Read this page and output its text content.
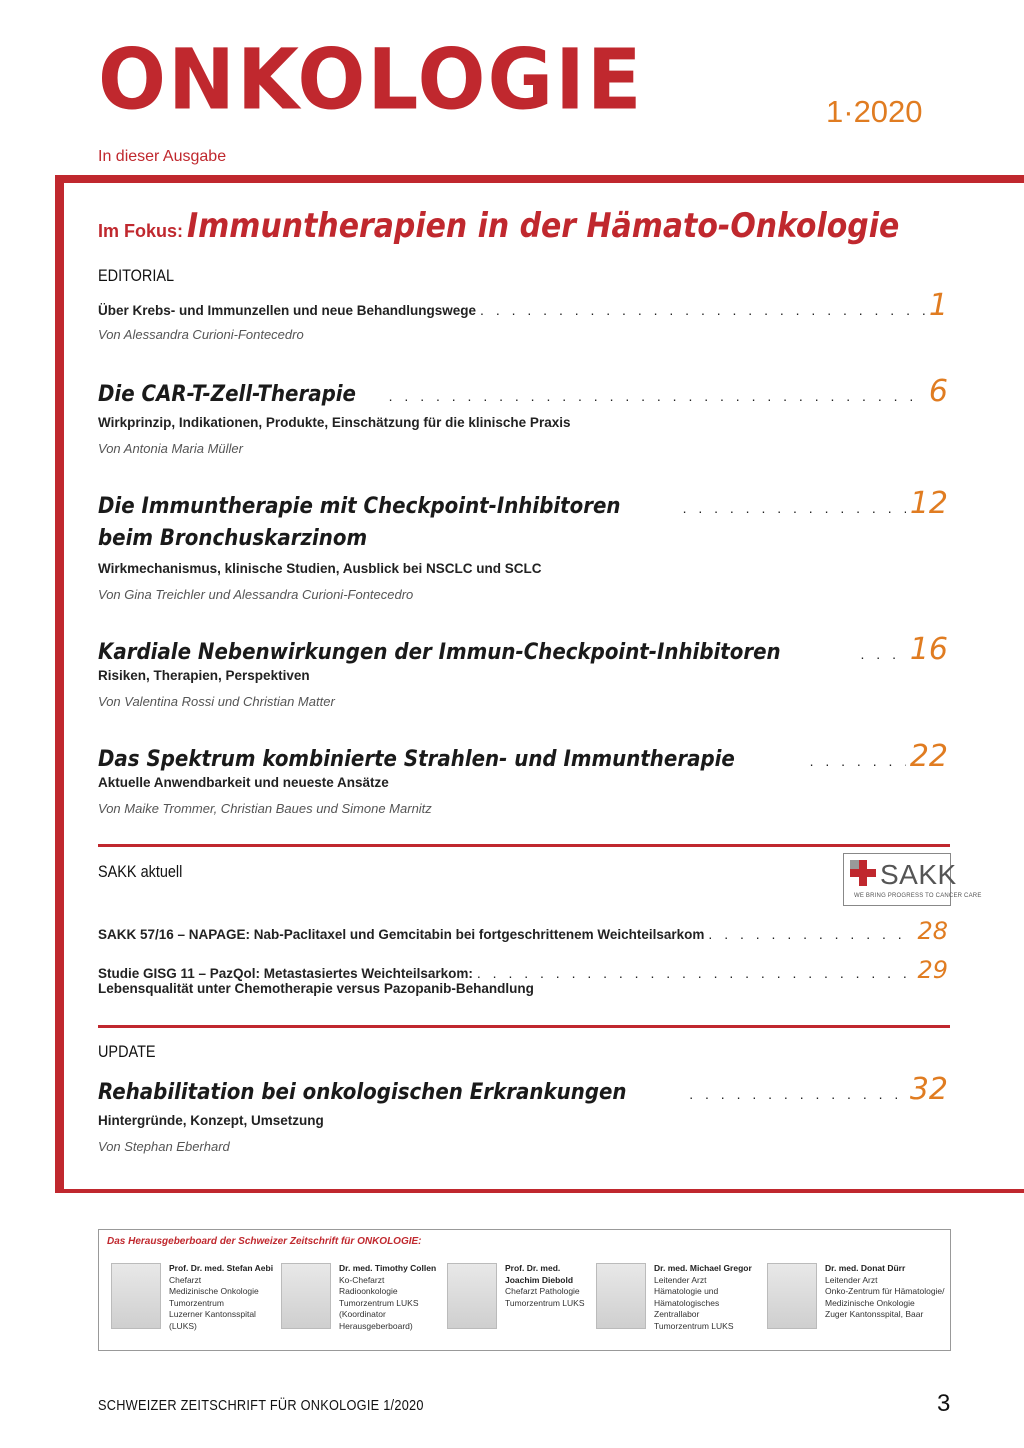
ONKOLOGIE	1·2020
In dieser Ausgabe
Im Fokus: Immuntherapien in der Hämato-Onkologie
EDITORIAL
Über Krebs- und Immunzellen und neue Behandlungswege . . .	1
Von Alessandra Curioni-Fontecedro
Die CAR-T-Zell-Therapie . . .	6
Wirkprinzip, Indikationen, Produkte, Einschätzung für die klinische Praxis
Von Antonia Maria Müller
Die Immuntherapie mit Checkpoint-Inhibitoren . . .	12
beim Bronchuskarzinom
Wirkmechanismus, klinische Studien, Ausblick bei NSCLC und SCLC
Von Gina Treichler und Alessandra Curioni-Fontecedro
Kardiale Nebenwirkungen der Immun-Checkpoint-Inhibitoren . . .	16
Risiken, Therapien, Perspektiven
Von Valentina Rossi und Christian Matter
Das Spektrum kombinierte Strahlen- und Immuntherapie . . .	22
Aktuelle Anwendbarkeit und neueste Ansätze
Von Maike Trommer, Christian Baues und Simone Marnitz
SAKK aktuell	SAKK
WE BRING PROGRESS TO CANCER CARE
SAKK 57/16 – NAPAGE: Nab-Paclitaxel und Gemcitabin bei fortgeschrittenem Weichteilsarkom . . .	28
Studie GISG 11 – PazQol: Metastasiertes Weichteilsarkom: . . .	29
Lebensqualität unter Chemotherapie versus Pazopanib-Behandlung
UPDATE
Rehabilitation bei onkologischen Erkrankungen . . .	32
Hintergründe, Konzept, Umsetzung
Von Stephan Eberhard
Das Herausgeberboard der Schweizer Zeitschrift für ONKOLOGIE:
Prof. Dr. med. Stefan Aebi
Chefarzt
Medizinische Onkologie
Tumorzentrum
Luzerner Kantonsspital
(LUKS)
Dr. med. Timothy Collen
Ko-Chefarzt
Radioonkologie
Tumorzentrum LUKS
(Koordinator
Herausgeberboard)
Prof. Dr. med.
Joachim Diebold
Chefarzt Pathologie
Tumorzentrum LUKS
Dr. med. Michael Gregor
Leitender Arzt
Hämatologie und
Hämatologisches
Zentrallabor
Tumorzentrum LUKS
Dr. med. Donat Dürr
Leitender Arzt
Onko-Zentrum für Hämatologie/
Medizinische Onkologie
Zuger Kantonsspital, Baar
SCHWEIZER ZEITSCHRIFT FÜR ONKOLOGIE 1/2020	3
